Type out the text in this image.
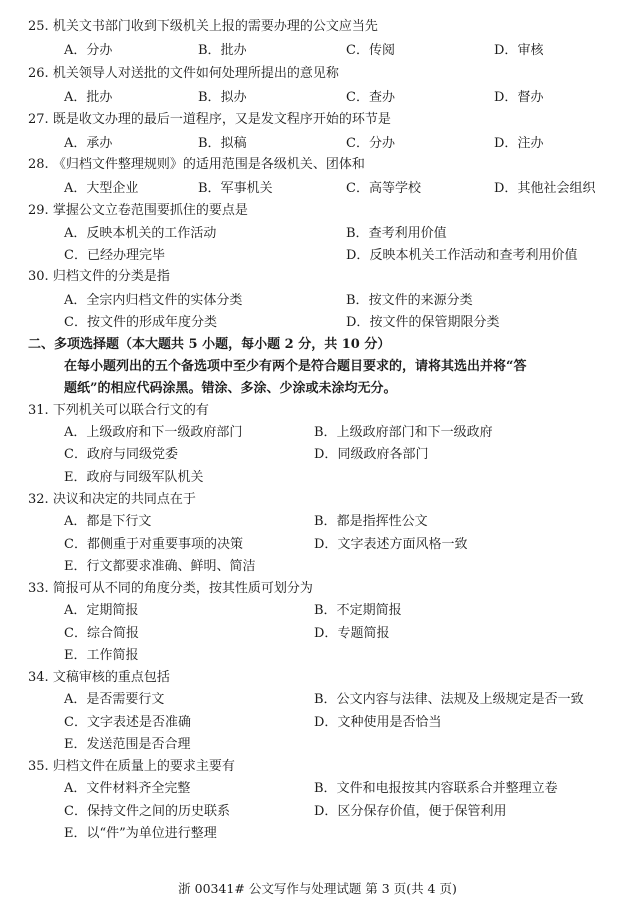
25. 机关文书部门收到下级机关上报的需要办理的公文应当先
A．分办	B．批办	C．传阅	D．审核
26. 机关领导人对送批的文件如何处理所提出的意见称
A．批办	B．拟办	C．查办	D．督办
27. 既是收文办理的最后一道程序，又是发文程序开始的环节是
A．承办	B．拟稿	C．分办	D．注办
28. 《归档文件整理规则》的适用范围是各级机关、团体和
A．大型企业	B．军事机关	C．高等学校	D．其他社会组织
29. 掌握公文立卷范围要抓住的要点是
A．反映本机关的工作活动	B．查考利用价值
C．已经办理完毕	D．反映本机关工作活动和查考利用价值
30. 归档文件的分类是指
A．全宗内归档文件的实体分类	B．按文件的来源分类
C．按文件的形成年度分类	D．按文件的保管期限分类
二、多项选择题（本大题共 5 小题，每小题 2 分，共 10 分）
在每小题列出的五个备选项中至少有两个是符合题目要求的，请将其选出并将“答
题纸”的相应代码涂黑。错涂、多涂、少涂或未涂均无分。
31. 下列机关可以联合行文的有
A．上级政府和下一级政府部门	B．上级政府部门和下一级政府
C．政府与同级党委	D．同级政府各部门
E．政府与同级军队机关
32. 决议和决定的共同点在于
A．都是下行文	B．都是指挥性公文
C．都侧重于对重要事项的决策	D．文字表述方面风格一致
E．行文都要求准确、鲜明、简洁
33. 简报可从不同的角度分类，按其性质可划分为
A．定期简报	B．不定期简报
C．综合简报	D．专题简报
E．工作简报
34. 文稿审核的重点包括
A．是否需要行文	B．公文内容与法律、法规及上级规定是否一致
C．文字表述是否准确	D．文种使用是否恰当
E．发送范围是否合理
35. 归档文件在质量上的要求主要有
A．文件材料齐全完整	B．文件和电报按其内容联系合并整理立卷
C．保持文件之间的历史联系	D．区分保存价值，便于保管利用
E．以“件”为单位进行整理
浙 00341# 公文写作与处理试题 第 3 页(共 4 页)
